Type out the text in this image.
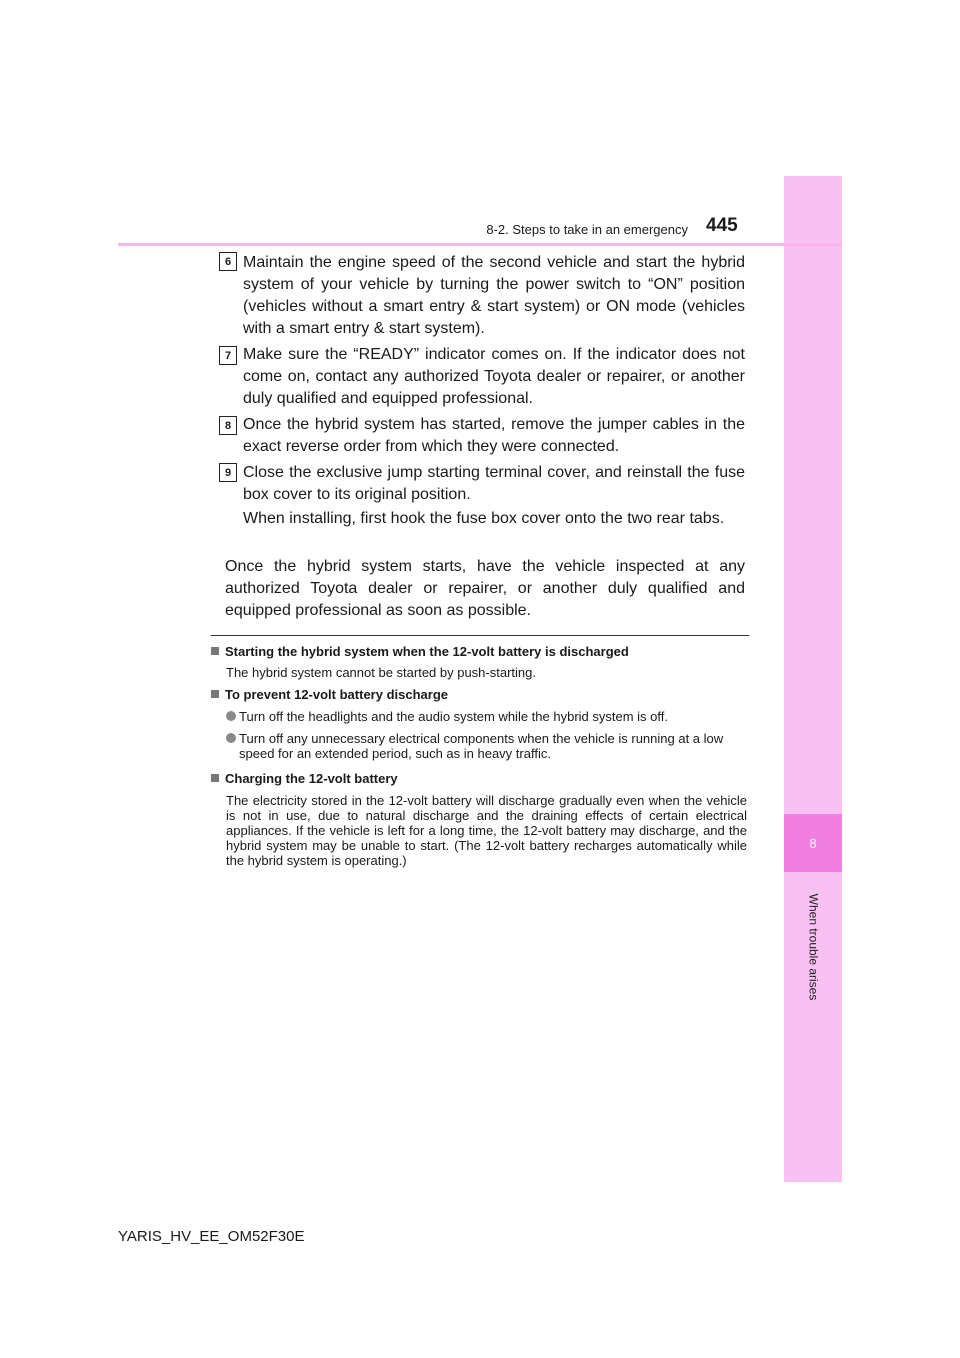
8
When trouble arises
8-2. Steps to take in an emergency 445
6 Maintain the engine speed of the second vehicle and start the hybrid system of your vehicle by turning the power switch to “ON” position (vehicles without a smart entry & start system) or ON mode (vehicles with a smart entry & start system).
7 Make sure the “READY” indicator comes on. If the indicator does not come on, contact any authorized Toyota dealer or repairer, or another duly qualified and equipped professional.
8 Once the hybrid system has started, remove the jumper cables in the exact reverse order from which they were connected.
9 Close the exclusive jump starting terminal cover, and reinstall the fuse box cover to its original position.
When installing, first hook the fuse box cover onto the two rear tabs.
Once the hybrid system starts, have the vehicle inspected at any authorized Toyota dealer or repairer, or another duly qualified and equipped professional as soon as possible.
Starting the hybrid system when the 12-volt battery is discharged
The hybrid system cannot be started by push-starting.
To prevent 12-volt battery discharge
Turn off the headlights and the audio system while the hybrid system is off.
Turn off any unnecessary electrical components when the vehicle is running at a low speed for an extended period, such as in heavy traffic.
Charging the 12-volt battery
The electricity stored in the 12-volt battery will discharge gradually even when the vehicle is not in use, due to natural discharge and the draining effects of certain electrical appliances. If the vehicle is left for a long time, the 12-volt battery may discharge, and the hybrid system may be unable to start. (The 12-volt battery recharges automatically while the hybrid system is operating.)
YARIS_HV_EE_OM52F30E
